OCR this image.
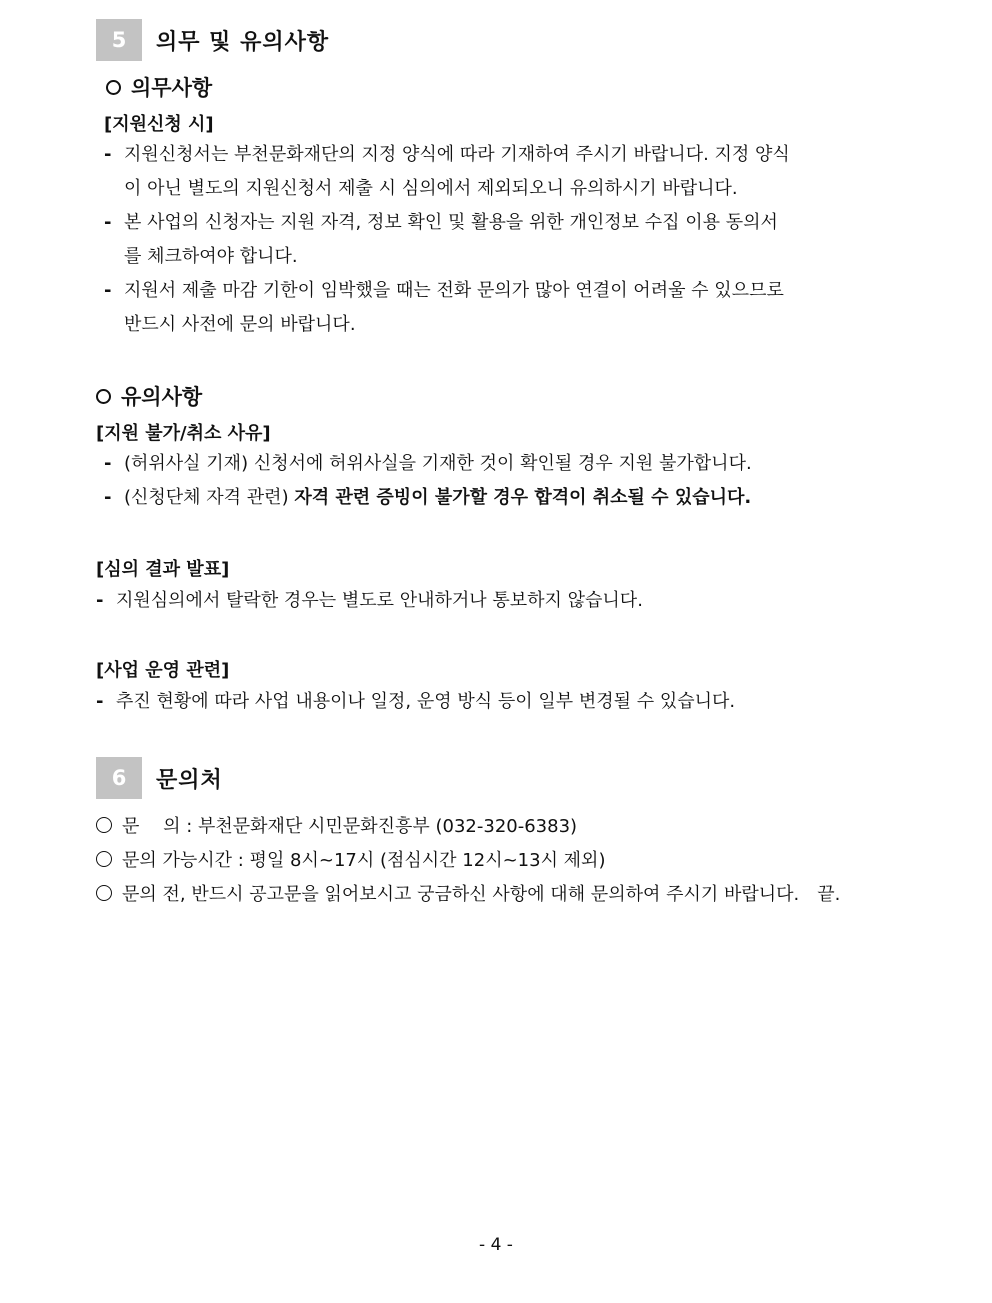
5	의무 및 유의사항
의무사항
[지원신청 시]
- 지원신청서는 부천문화재단의 지정 양식에 따라 기재하여 주시기 바랍니다. 지정 양식
이 아닌 별도의 지원신청서 제출 시 심의에서 제외되오니 유의하시기 바랍니다.
- 본 사업의 신청자는 지원 자격, 정보 확인 및 활용을 위한 개인정보 수집 이용 동의서
를 체크하여야 합니다.
- 지원서 제출 마감 기한이 임박했을 때는 전화 문의가 많아 연결이 어려울 수 있으므로
반드시 사전에 문의 바랍니다.
유의사항
[지원 불가/취소 사유]
- (허위사실 기재) 신청서에 허위사실을 기재한 것이 확인될 경우 지원 불가합니다.
- (신청단체 자격 관련) 자격 관련 증빙이 불가할 경우 합격이 취소될 수 있습니다.
[심의 결과 발표]
- 지원심의에서 탈락한 경우는 별도로 안내하거나 통보하지 않습니다.
[사업 운영 관련]
- 추진 현황에 따라 사업 내용이나 일정, 운영 방식 등이 일부 변경될 수 있습니다.
6	문의처
문　 의 : 부천문화재단 시민문화진흥부 (032-320-6383)
문의 가능시간 : 평일 8시~17시 (점심시간 12시~13시 제외)
문의 전, 반드시 공고문을 읽어보시고 궁금하신 사항에 대해 문의하여 주시기 바랍니다.　끝.
- 4 -
